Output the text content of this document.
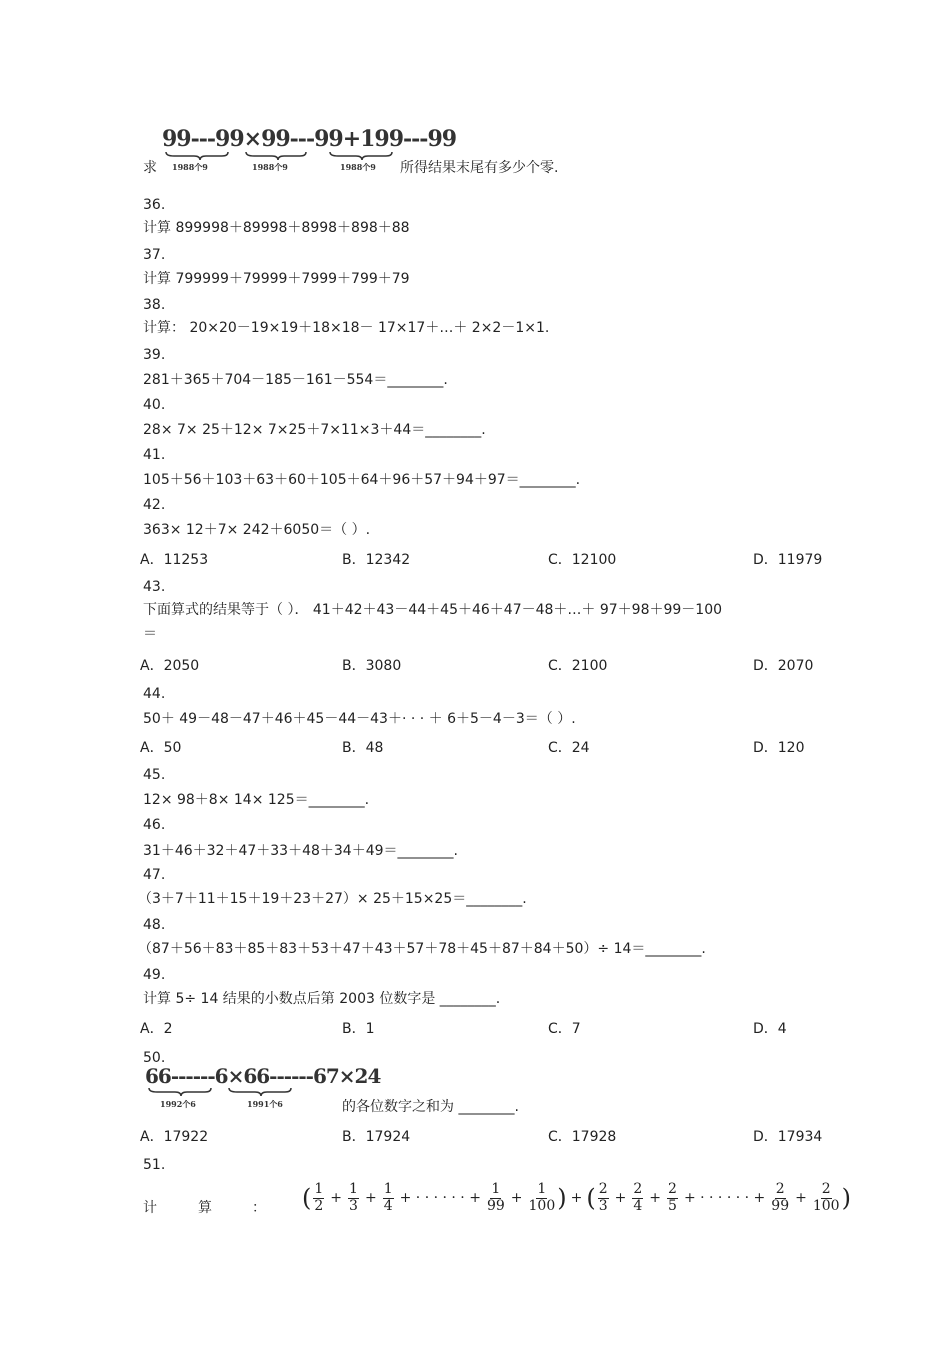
99---99×99---99+199---99
求 1988个9	1988个9	1988个9 所得结果末尾有多少个零.
36.
计算 899998＋89998＋8998＋898＋88
37.
计算 799999＋79999＋7999＋799＋79
38.
计算： 20×20－19×19＋18×18－ 17×17＋…＋ 2×2－1×1.
39.
281＋365＋704－185－161－554＝________.
40.
28× 7× 25＋12× 7×25＋7×11×3＋44＝________.
41.
105＋56＋103＋63＋60＋105＋64＋96＋57＋94＋97＝________.
42.
363× 12＋7× 242＋6050＝（ ）.
A．11253	B．12342	C．12100	D．11979
43.
下面算式的结果等于（ ）． 41＋42＋43－44＋45＋46＋47－48＋…＋ 97＋98＋99－100
＝
A．2050	B．3080	C．2100	D．2070
44.
50＋ 49－48－47＋46＋45－44－43＋· · · ＋ 6＋5－4－3＝（ ）.
A．50	B．48	C．24	D．120
45.
12× 98＋8× 14× 125＝________.
46.
31＋46＋32＋47＋33＋48＋34＋49＝________.
47.
（3＋7＋11＋15＋19＋23＋27）× 25＋15×25＝________.
48.
（87＋56＋83＋85＋83＋53＋47＋43＋57＋78＋45＋87＋84＋50）÷ 14＝________.
49.
计算 5÷ 14 结果的小数点后第 2003 位数字是 ________.
A．2	B．1	C．7	D．4
50.
66------6×66------67×24
1992个6	1991个6	的各位数字之和为 ________.
A．17922	B．17924	C．17928	D．17934
51.
计	算	： ( $\frac{1}{2} + \frac{1}{3} + \frac{1}{4}$ + · · · · · · + $\frac{1}{99} + \frac{1}{100}$ ) + ( $\frac{2}{3} + \frac{2}{4} + \frac{2}{5}$ + · · · · · · + $\frac{2}{99} + \frac{2}{100}$ )
